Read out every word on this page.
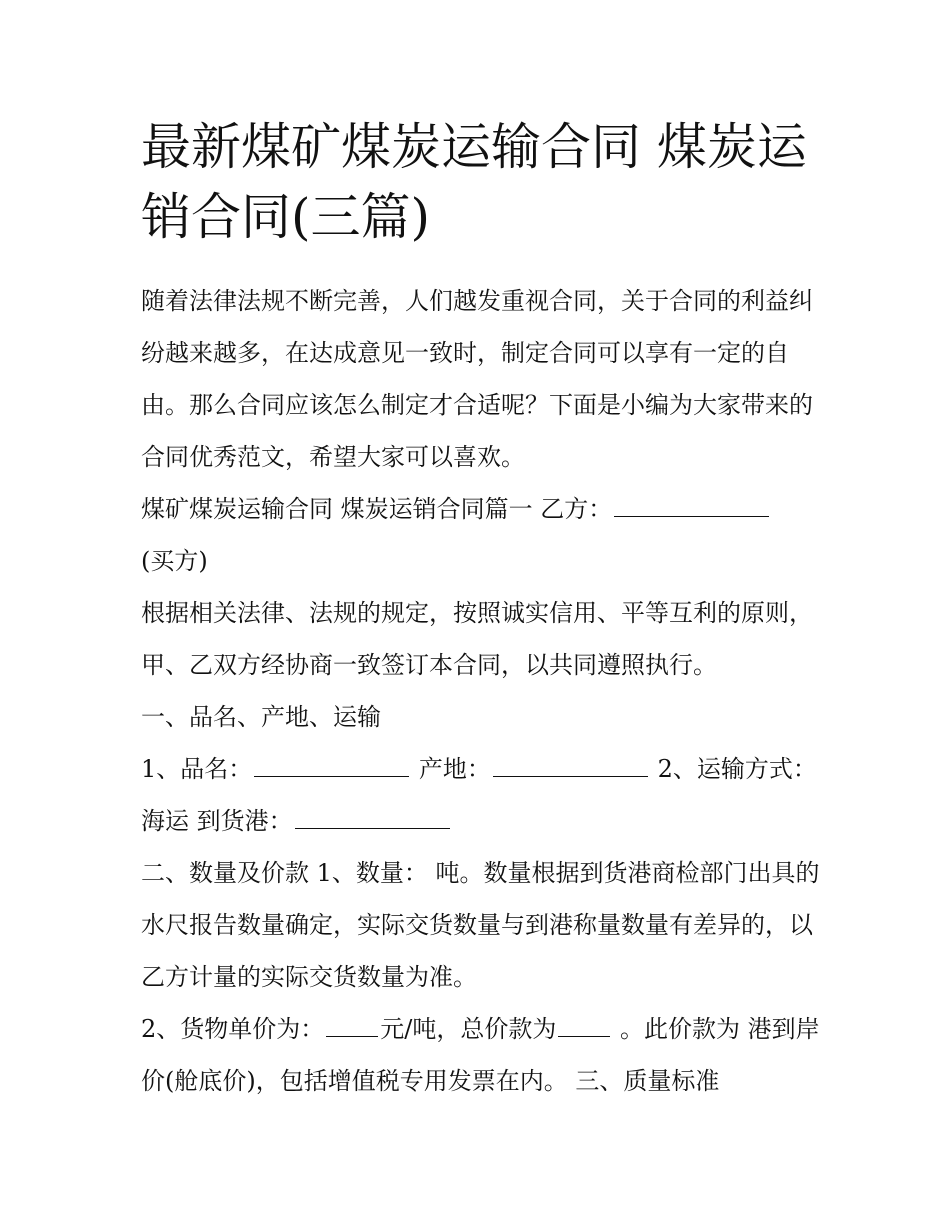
最新煤矿煤炭运输合同 煤炭运销合同(三篇)

随着法律法规不断完善，人们越发重视合同，关于合同的利益纠纷越来越多，在达成意见一致时，制定合同可以享有一定的自由。那么合同应该怎么制定才合适呢？下面是小编为大家带来的合同优秀范文，希望大家可以喜欢。

煤矿煤炭运输合同 煤炭运销合同篇一 乙方：

(买方)

根据相关法律、法规的规定，按照诚实信用、平等互利的原则，甲、乙双方经协商一致签订本合同，以共同遵照执行。

一、品名、产地、运输

1、品名：	产地：	2、运输方式：海运 到货港：

二、数量及价款 1、数量： 吨。数量根据到货港商检部门出具的水尺报告数量确定，实际交货数量与到港称量数量有差异的，以乙方计量的实际交货数量为准。

2、货物单价为： 元/吨，总价款为	。此价款为 港到岸价(舱底价)，包括增值税专用发票在内。 三、质量标准
